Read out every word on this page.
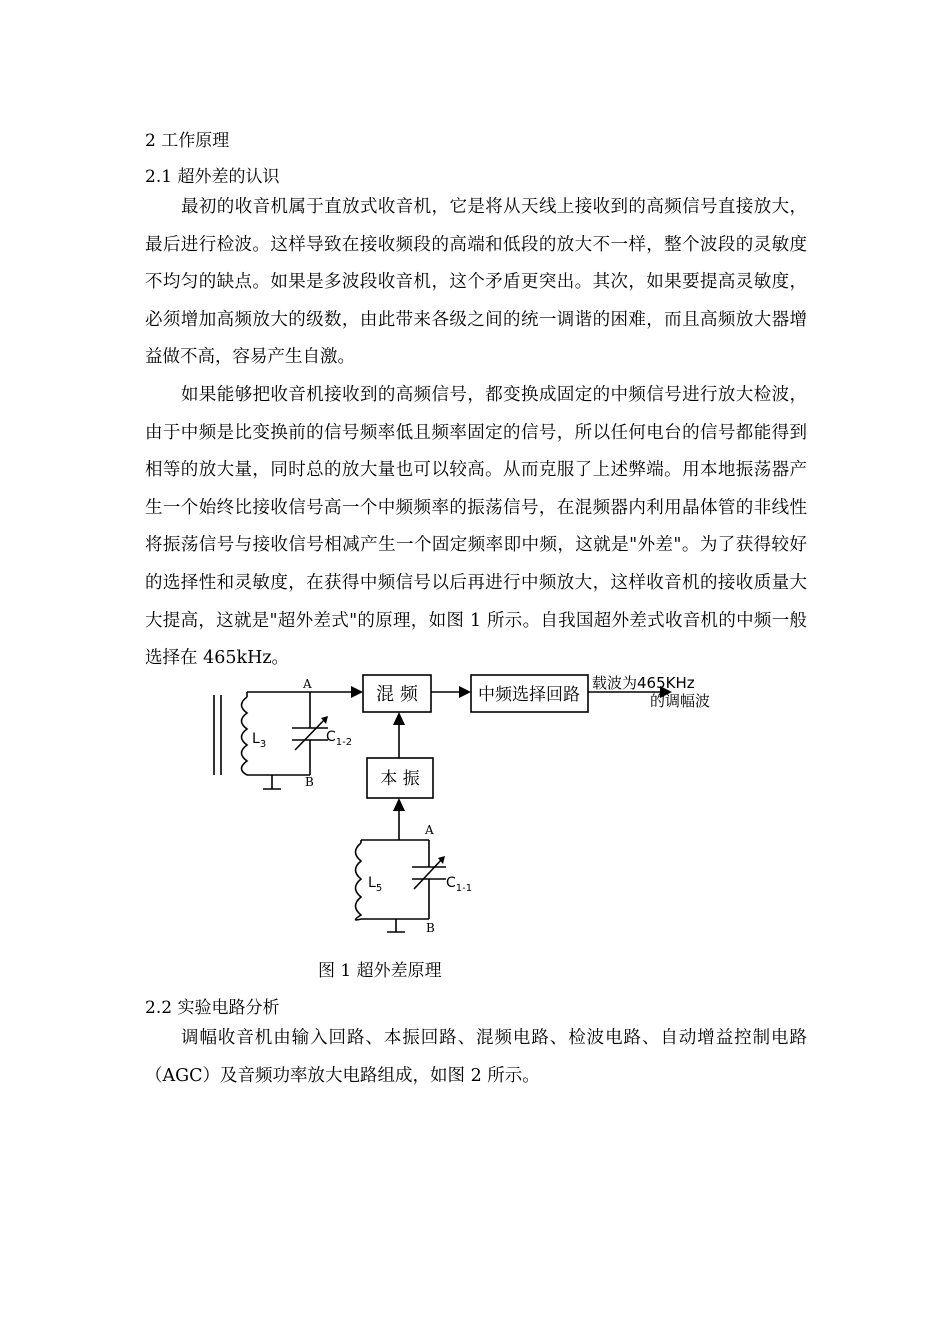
2 工作原理
2.1 超外差的认识

最初的收音机属于直放式收音机，它是将从天线上接收到的高频信号直接放大，最后进行检波。这样导致在接收频段的高端和低段的放大不一样，整个波段的灵敏度不均匀的缺点。如果是多波段收音机，这个矛盾更突出。其次，如果要提高灵敏度，必须增加高频放大的级数，由此带来各级之间的统一调谐的困难，而且高频放大器增益做不高，容易产生自激。

如果能够把收音机接收到的高频信号，都变换成固定的中频信号进行放大检波，由于中频是比变换前的信号频率低且频率固定的信号，所以任何电台的信号都能得到相等的放大量，同时总的放大量也可以较高。从而克服了上述弊端。用本地振荡器产生一个始终比接收信号高一个中频频率的振荡信号，在混频器内利用晶体管的非线性将振荡信号与接收信号相减产生一个固定频率即中频，这就是"外差"。为了获得较好的选择性和灵敏度，在获得中频信号以后再进行中频放大，这样收音机的接收质量大大提高，这就是"超外差式"的原理，如图 1 所示。自我国超外差式收音机的中频一般选择在 465kHz。

A
B
A
B
$L_3$	$C_{1-2}$
$L_5$	$C_{1-1}$
混 频
本 振
中频选择回路
载波为465KHz
的调幅波
图 1 超外差原理
2.2 实验电路分析

调幅收音机由输入回路、本振回路、混频电路、检波电路、自动增益控制电路（AGC）及音频功率放大电路组成，如图 2 所示。
